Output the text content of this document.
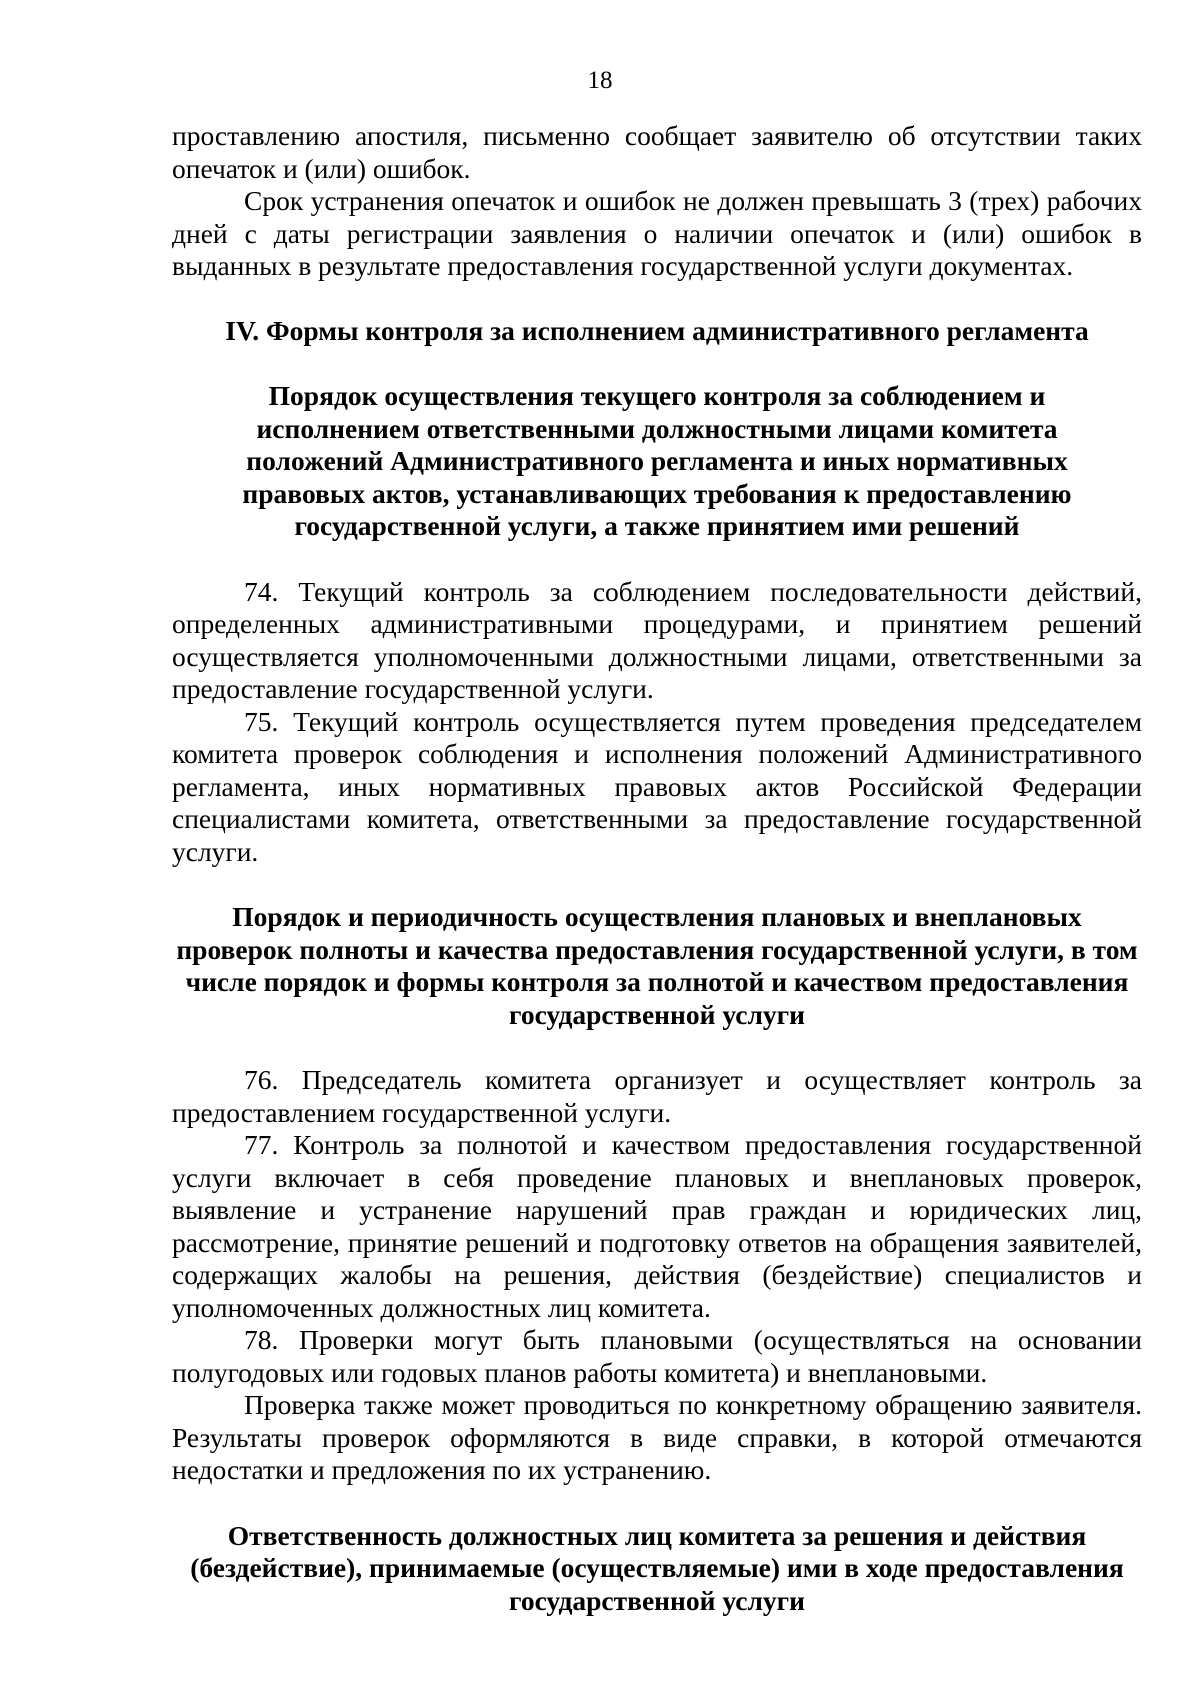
18

проставлению апостиля, письменно сообщает заявителю об отсутствии таких опечаток и (или) ошибок.

Срок устранения опечаток и ошибок не должен превышать 3 (трех) рабочих дней с даты регистрации заявления о наличии опечаток и (или) ошибок в выданных в результате предоставления государственной услуги документах.

IV. Формы контроля за исполнением административного регламента

Порядок осуществления текущего контроля за соблюдением и исполнением ответственными должностными лицами комитета положений Административного регламента и иных нормативных правовых актов, устанавливающих требования к предоставлению государственной услуги, а также принятием ими решений

74. Текущий контроль за соблюдением последовательности действий, определенных административными процедурами, и принятием решений осуществляется уполномоченными должностными лицами, ответственными за предоставление государственной услуги.

75. Текущий контроль осуществляется путем проведения председателем комитета проверок соблюдения и исполнения положений Административного регламента, иных нормативных правовых актов Российской Федерации специалистами комитета, ответственными за предоставление государственной услуги.

Порядок и периодичность осуществления плановых и внеплановых проверок полноты и качества предоставления государственной услуги, в том числе порядок и формы контроля за полнотой и качеством предоставления государственной услуги

76. Председатель комитета организует и осуществляет контроль за предоставлением государственной услуги.

77. Контроль за полнотой и качеством предоставления государственной услуги включает в себя проведение плановых и внеплановых проверок, выявление и устранение нарушений прав граждан и юридических лиц, рассмотрение, принятие решений и подготовку ответов на обращения заявителей, содержащих жалобы на решения, действия (бездействие) специалистов и уполномоченных должностных лиц комитета.

78. Проверки могут быть плановыми (осуществляться на основании полугодовых или годовых планов работы комитета) и внеплановыми.

Проверка также может проводиться по конкретному обращению заявителя. Результаты проверок оформляются в виде справки, в которой отмечаются недостатки и предложения по их устранению.

Ответственность должностных лиц комитета за решения и действия (бездействие), принимаемые (осуществляемые) ими в ходе предоставления государственной услуги
